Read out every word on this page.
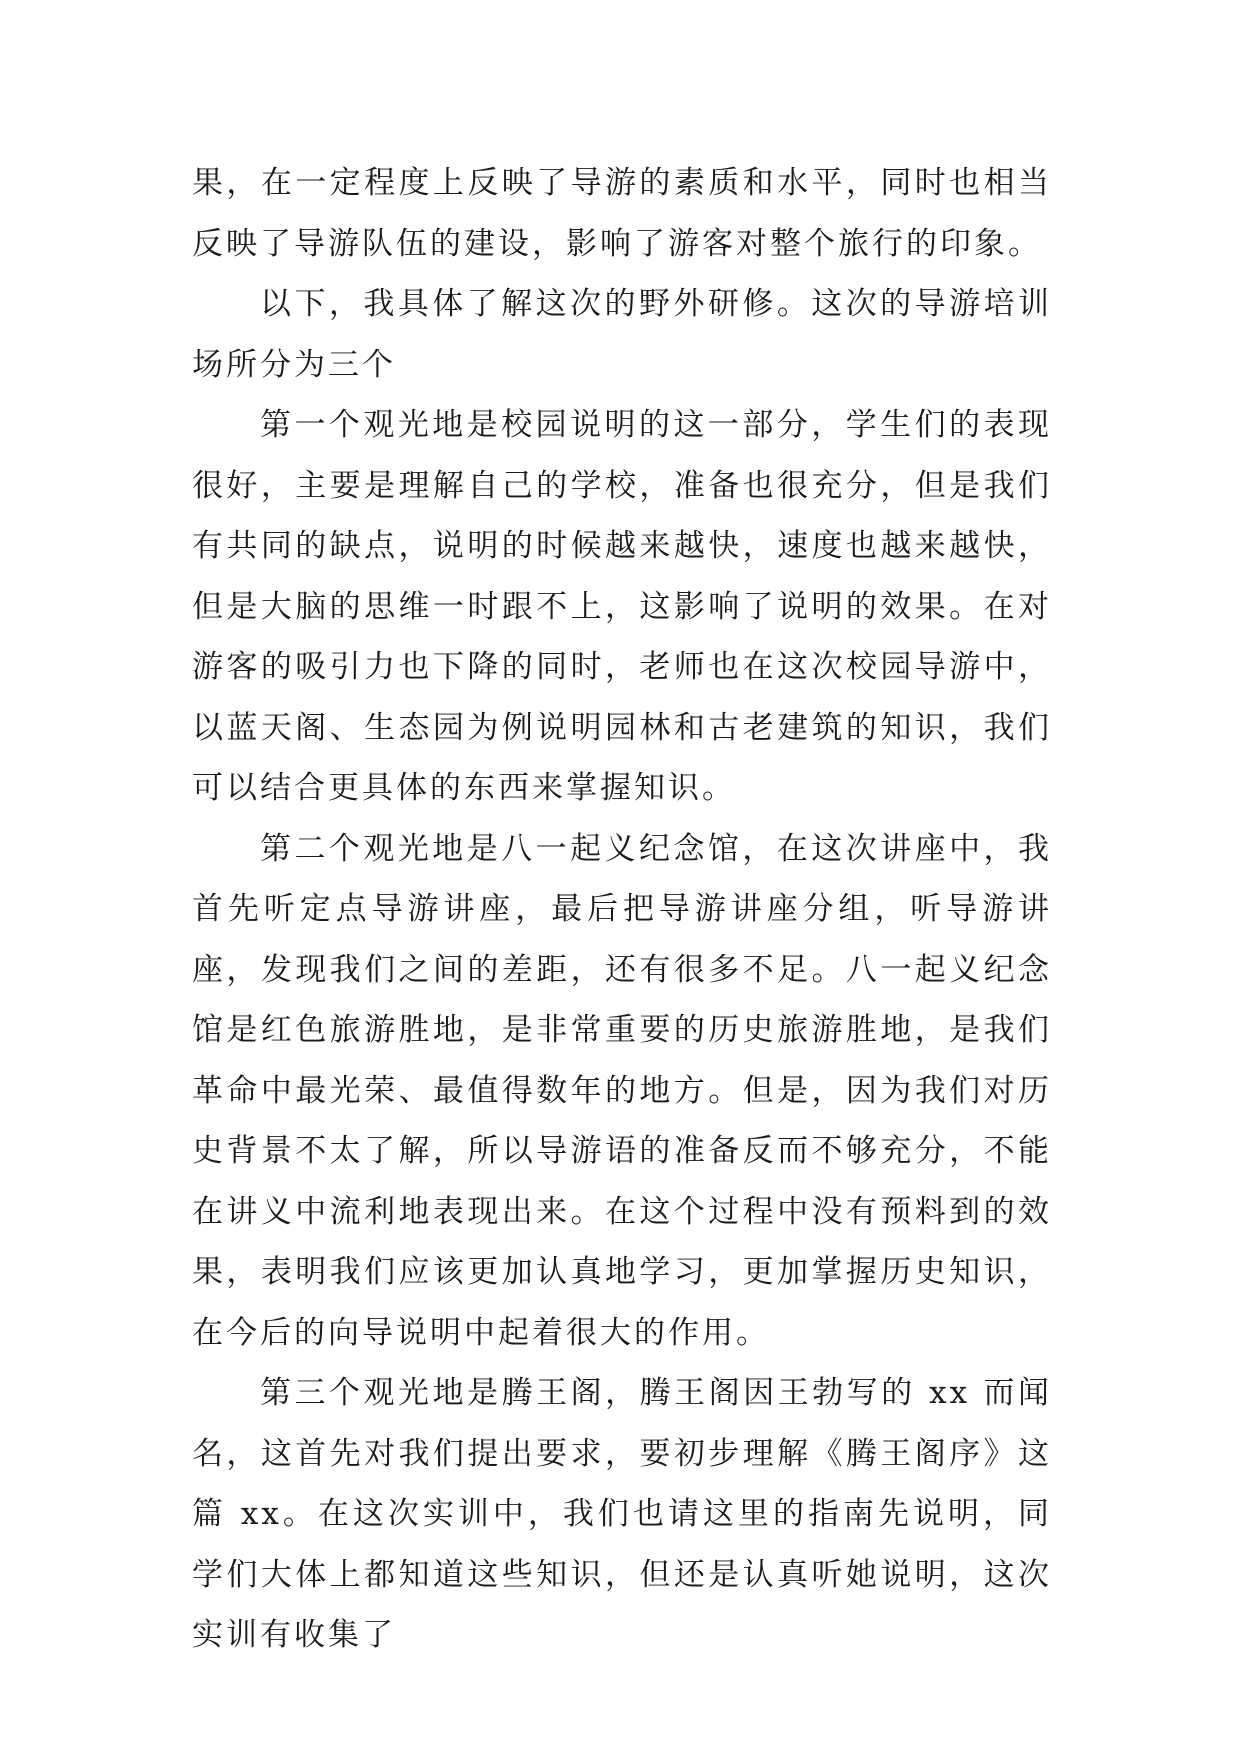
果，在一定程度上反映了导游的素质和水平，同时也相当反映了导游队伍的建设，影响了游客对整个旅行的印象。

以下，我具体了解这次的野外研修。这次的导游培训场所分为三个

第一个观光地是校园说明的这一部分，学生们的表现很好，主要是理解自己的学校，准备也很充分，但是我们有共同的缺点，说明的时候越来越快，速度也越来越快，但是大脑的思维一时跟不上，这影响了说明的效果。在对游客的吸引力也下降的同时，老师也在这次校园导游中，以蓝天阁、生态园为例说明园林和古老建筑的知识，我们可以结合更具体的东西来掌握知识。

第二个观光地是八一起义纪念馆，在这次讲座中，我首先听定点导游讲座，最后把导游讲座分组，听导游讲座，发现我们之间的差距，还有很多不足。八一起义纪念馆是红色旅游胜地，是非常重要的历史旅游胜地，是我们革命中最光荣、最值得数年的地方。但是，因为我们对历史背景不太了解，所以导游语的准备反而不够充分，不能在讲义中流利地表现出来。在这个过程中没有预料到的效果，表明我们应该更加认真地学习，更加掌握历史知识，在今后的向导说明中起着很大的作用。

第三个观光地是腾王阁，腾王阁因王勃写的 xx 而闻名，这首先对我们提出要求，要初步理解《腾王阁序》这篇 xx。在这次实训中，我们也请这里的指南先说明，同学们大体上都知道这些知识，但还是认真听她说明，这次实训有收集了
